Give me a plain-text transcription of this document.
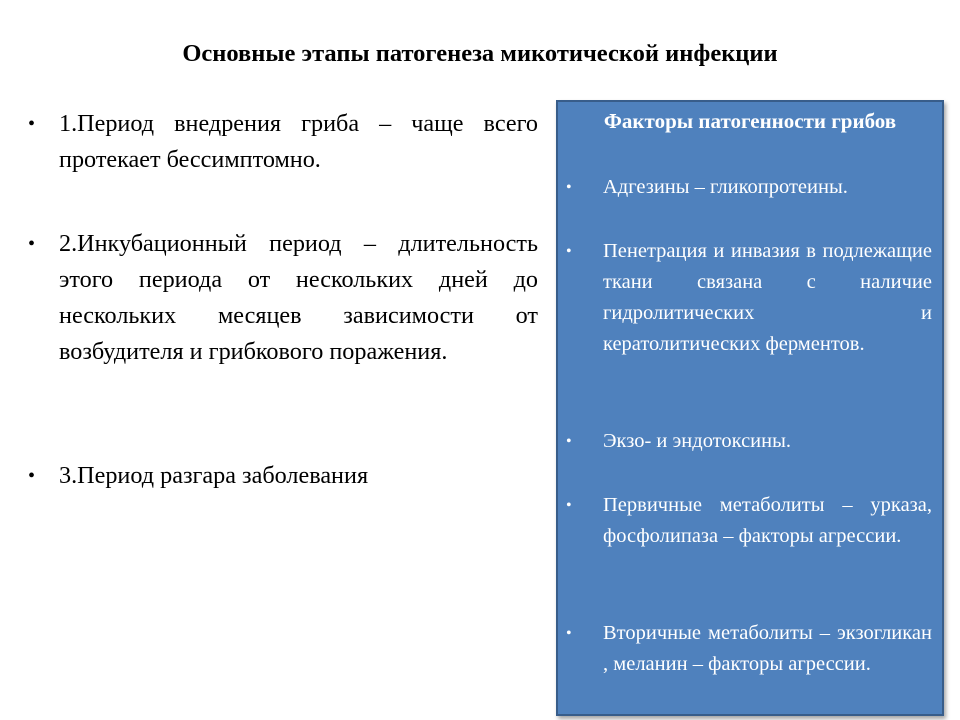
Основные этапы патогенеза микотической инфекции
• 1.Период внедрения гриба – чаще всего протекает бессимптомно.
• 2.Инкубационный период – длительность этого периода от нескольких дней до нескольких месяцев зависимости от возбудителя и грибкового поражения.
• 3.Период разгара заболевания
Факторы патогенности грибов
• Адгезины – гликопротеины.
• Пенетрация и инвазия в подлежащие ткани связана с наличие гидролитических и кератолитических ферментов.
• Экзо- и эндотоксины.
• Первичные метаболиты – урказа, фосфолипаза – факторы агрессии.
• Вторичные метаболиты – экзогликан , меланин – факторы агрессии.
